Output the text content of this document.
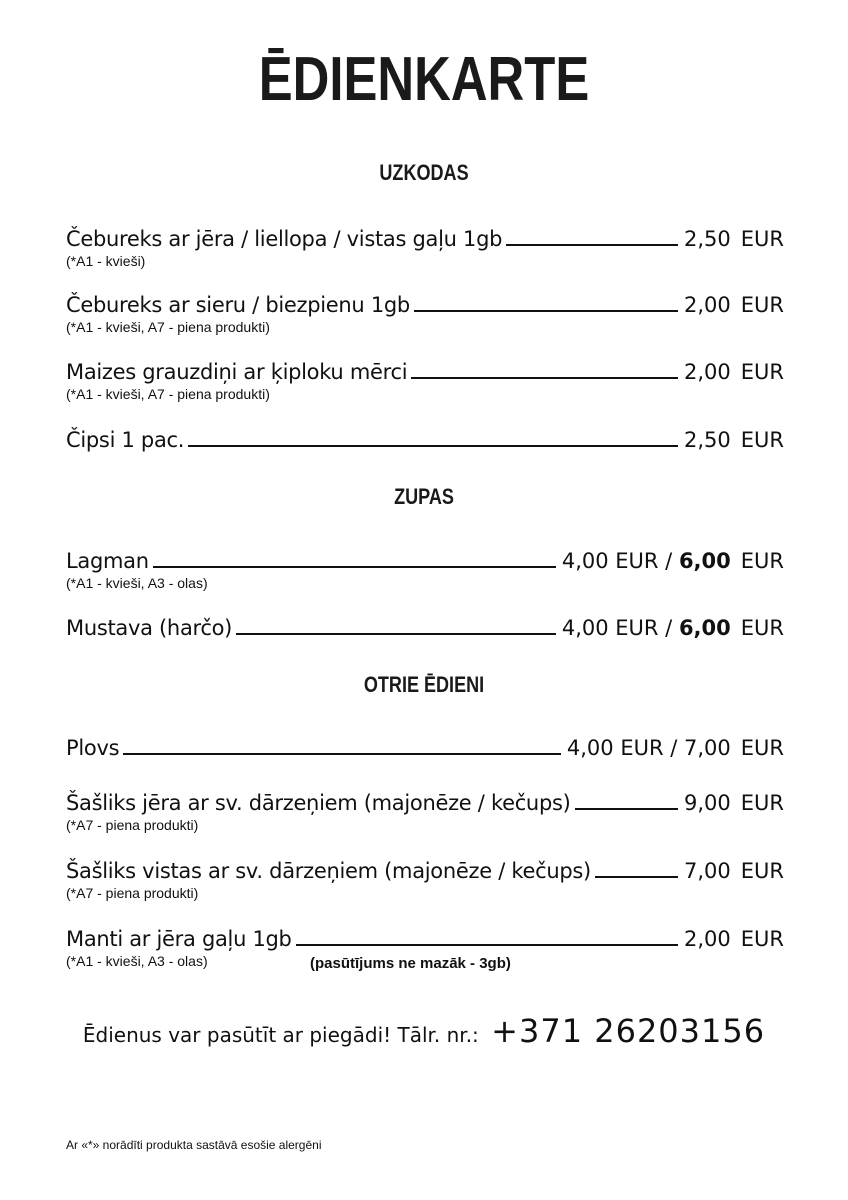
ĒDIENKARTE
UZKODAS
Čebureks ar jēra / liellopa / vistas gaļu 1gb	2,50 EUR
(*A1 - kvieši)
Čebureks ar sieru / biezpienu 1gb	2,00 EUR
(*A1 - kvieši, A7 - piena produkti)
Maizes grauzdiņi ar ķiploku mērci	2,00 EUR
(*A1 - kvieši, A7 - piena produkti)
Čipsi 1 pac.	2,50 EUR
ZUPAS
Lagman	4,00 EUR / 6,00 EUR
(*A1 - kvieši, A3 - olas)
Mustava (harčo)	4,00 EUR / 6,00 EUR
OTRIE ĒDIENI
Plovs	4,00 EUR / 7,00 EUR
Šašliks jēra ar sv. dārzeņiem (majonēze / kečups)	9,00 EUR
(*A7 - piena produkti)
Šašliks vistas ar sv. dārzeņiem (majonēze / kečups)	7,00 EUR
(*A7 - piena produkti)
Manti ar jēra gaļu 1gb	2,00 EUR
(*A1 - kvieši, A3 - olas)	(pasūtījums ne mazāk - 3gb)
Ēdienus var pasūtīt ar piegādi! Tālr. nr.: +371 26203156
Ar «*» norādīti produkta sastāvā esošie alergēni
